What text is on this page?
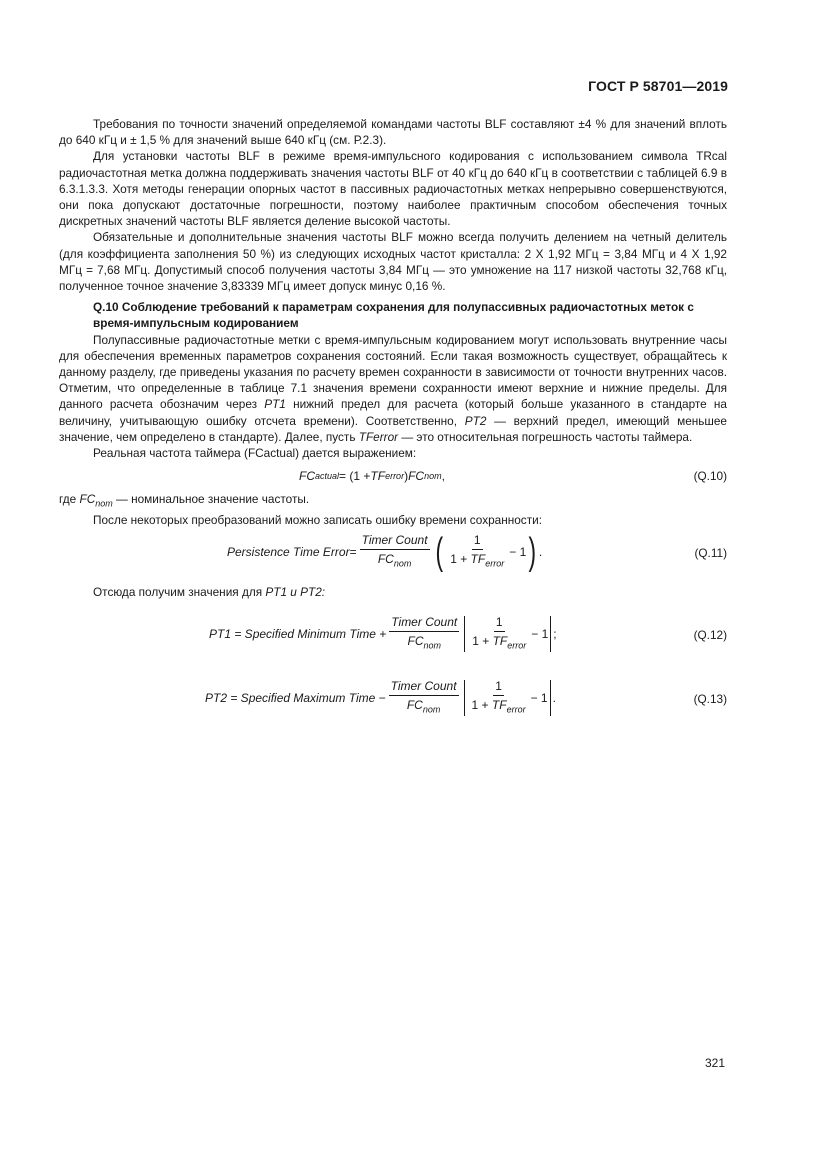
ГОСТ Р 58701—2019

Требования по точности значений определяемой командами частоты BLF составляют ±4 % для значений вплоть до 640 кГц и ± 1,5 % для значений выше 640 кГц (см. Р.2.3).

Для установки частоты BLF в режиме время-импульсного кодирования с использованием символа TRcal радиочастотная метка должна поддерживать значения частоты BLF от 40 кГц до 640 кГц в соответствии с таблицей 6.9 в 6.3.1.3.3. Хотя методы генерации опорных частот в пассивных радиочастотных метках непрерывно совершенствуются, они пока допускают достаточные погрешности, поэтому наиболее практичным способом обеспечения точных дискретных значений частоты BLF является деление высокой частоты.

Обязательные и дополнительные значения частоты BLF можно всегда получить делением на четный делитель (для коэффициента заполнения 50 %) из следующих исходных частот кристалла: 2 X 1,92 МГц = 3,84 МГц и 4 X 1,92 МГц = 7,68 МГц. Допустимый способ получения частоты 3,84 МГц — это умножение на 117 низкой частоты 32,768 кГц, полученное точное значение 3,83339 МГц имеет допуск минус 0,16 %.

Q.10 Соблюдение требований к параметрам сохранения для полупассивных радиочастотных меток с время-импульсным кодированием

Полупассивные радиочастотные метки с время-импульсным кодированием могут использовать внутренние часы для обеспечения временных параметров сохранения состояний. Если такая возможность существует, обращайтесь к данному разделу, где приведены указания по расчету времен сохранности в зависимости от точности внутренних часов. Отметим, что определенные в таблице 7.1 значения времени сохранности имеют верхние и нижние пределы. Для данного расчета обозначим через PT1 нижний предел для расчета (который больше указанного в стандарте на величину, учитывающую ошибку отсчета времени). Соответственно, PT2 — верхний предел, имеющий меньшее значение, чем определено в стандарте). Далее, пусть TFerror — это относительная погрешность частоты таймера.

Реальная частота таймера (FCactual) дается выражением:

FC actual = (1 + TF error ) FC nom ,	(Q.10)

где $FC_{nom}$ — номинальное значение частоты.

После некоторых преобразований можно записать ошибку времени сохранности:

Persistence Time Error = $\frac{\text{Timer Count}}{FC_{nom}}$ ( $\frac{1}{1 + TF_{error}} - 1$ ) .	(Q.11)

Отсюда получим значения для PT1 и PT2:

PT1 = Specified Minimum Time + $\frac{\text{Timer Count}}{FC_{nom}} \frac{1}{1 + TF_{error}} - 1$ ;	(Q.12)
PT2 = Specified Maximum Time − $\frac{\text{Timer Count}}{FC_{nom}} \frac{1}{1 + TF_{error}} - 1$ .	(Q.13)
321
